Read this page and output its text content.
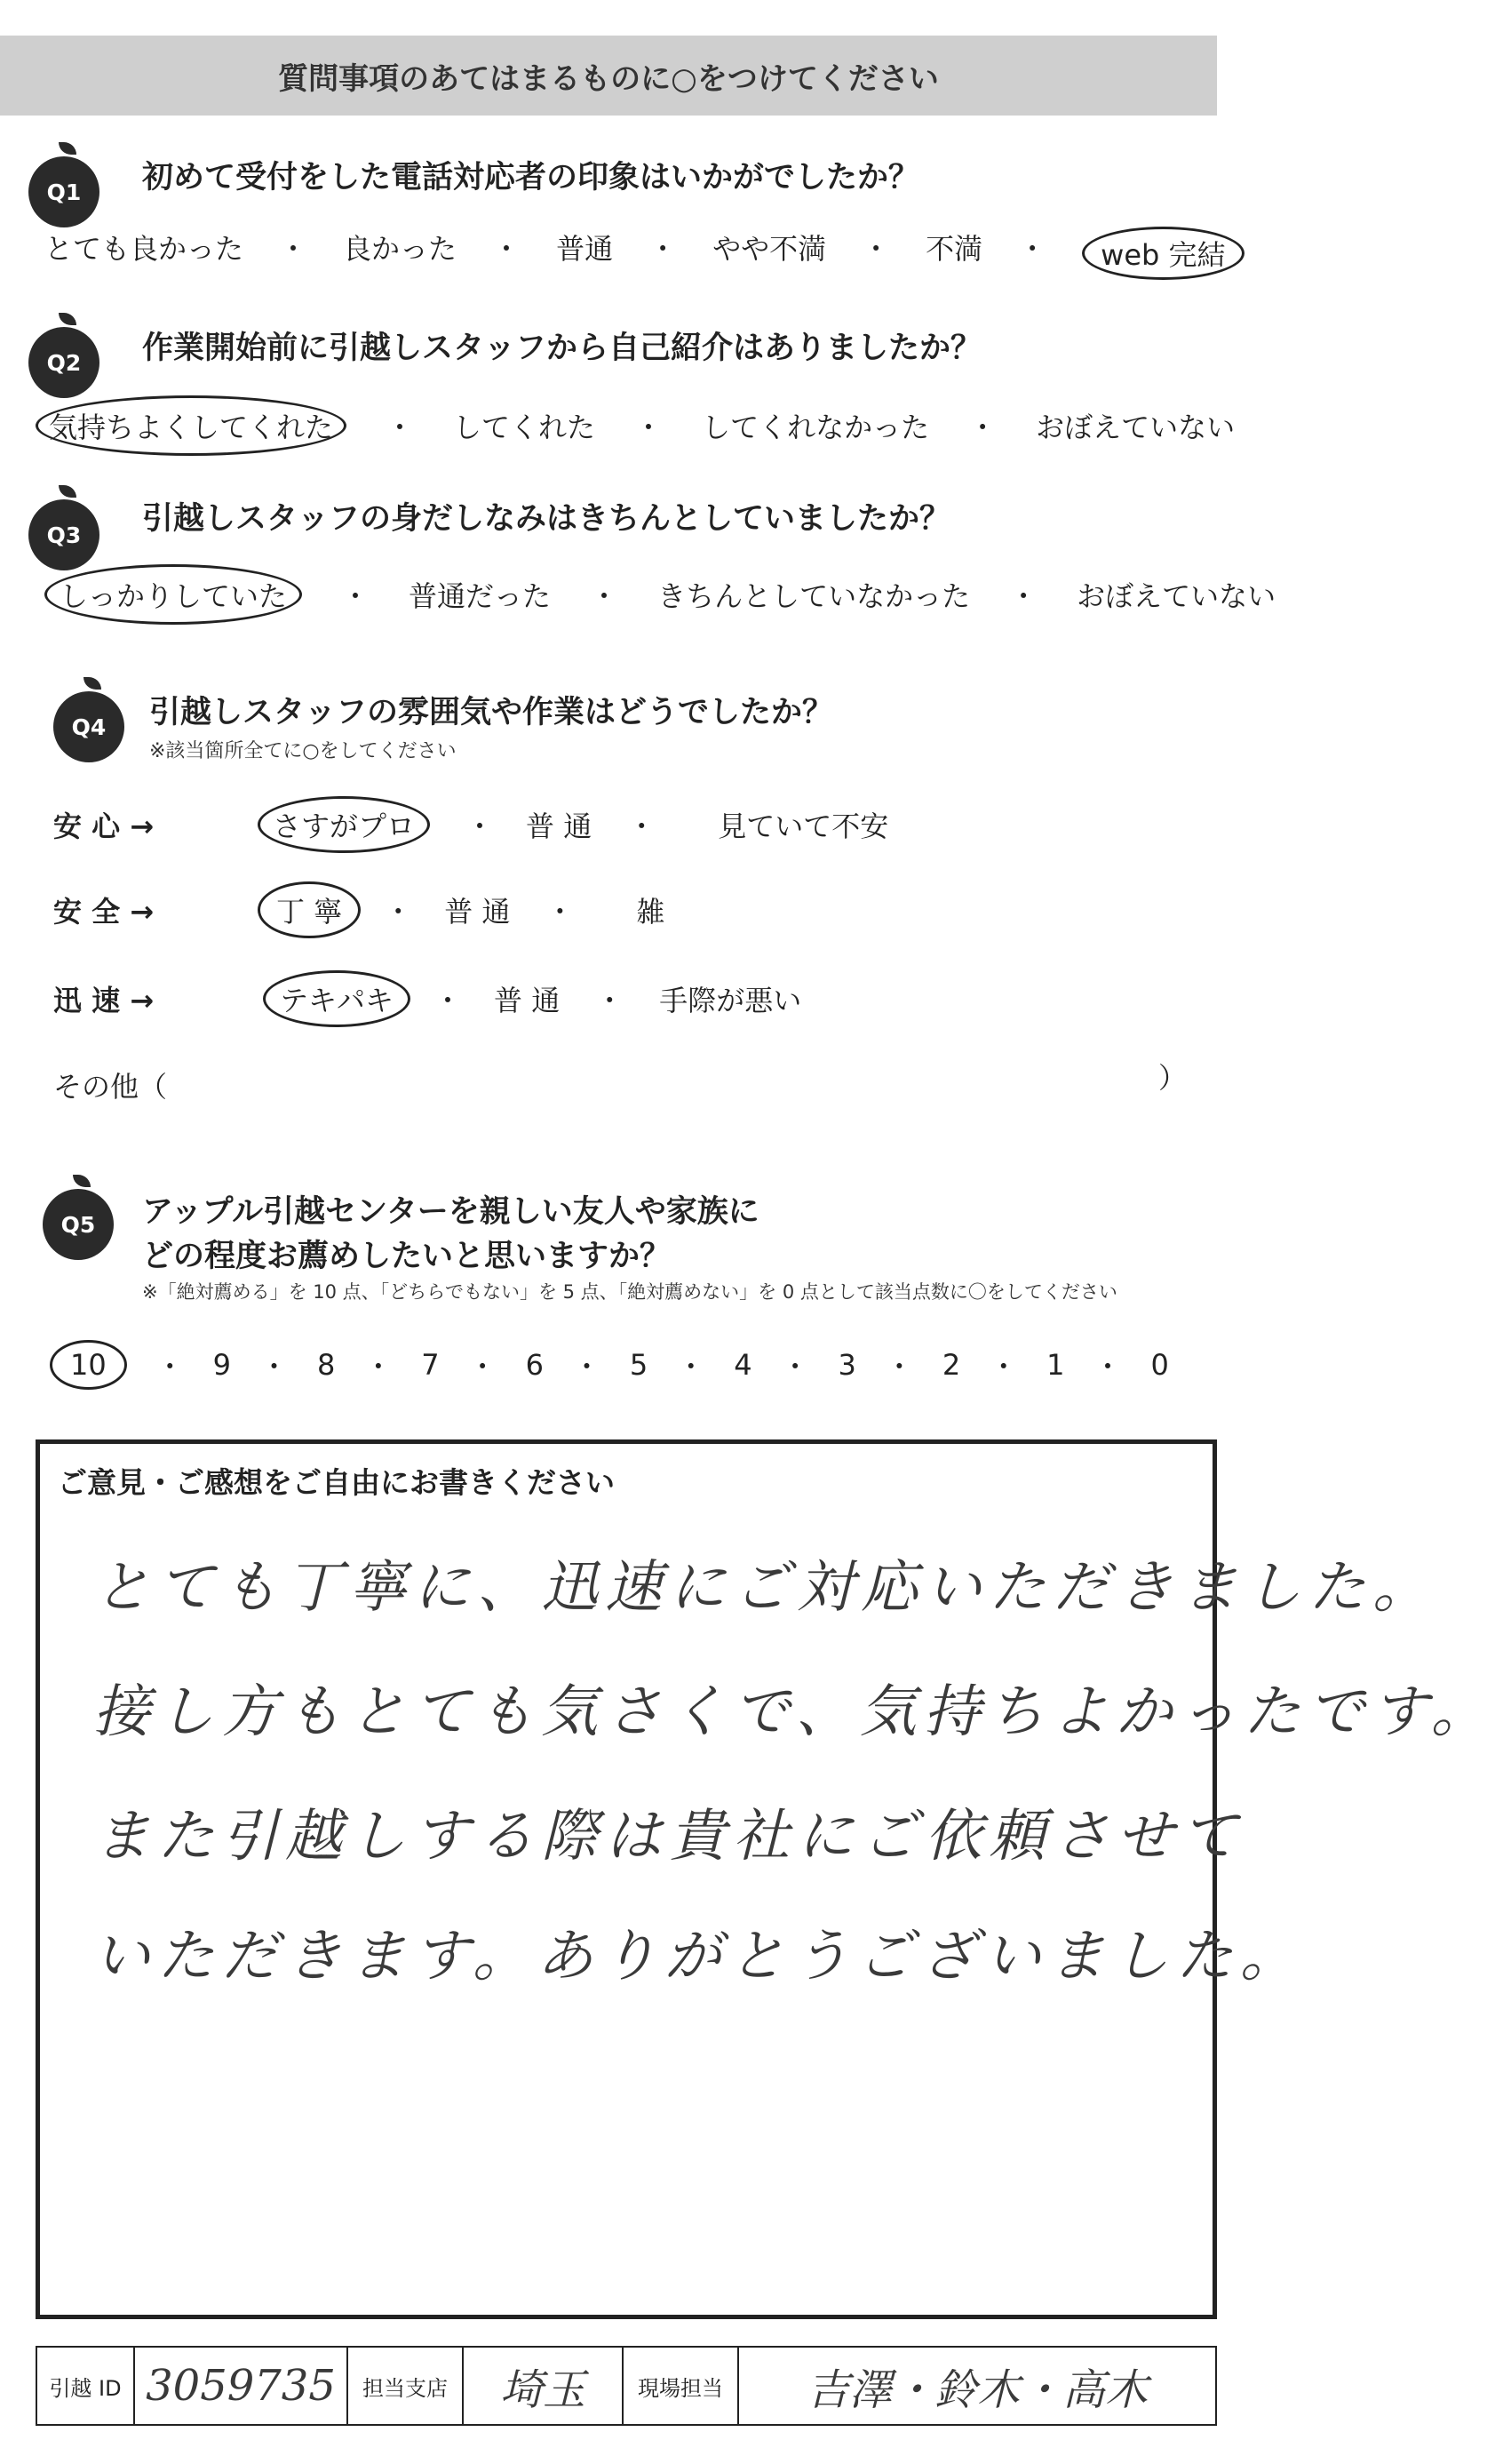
質問事項のあてはまるものに○をつけてください
Q1	初めて受付をした電話対応者の印象はいかがでしたか？
とても良かった ・ 良かった ・ 普通 ・ やや不満 ・ 不満 ・	web 完結
Q2	作業開始前に引越しスタッフから自己紹介はありましたか？
気持ちよくしてくれた	・ してくれた ・ してくれなかった ・ おぼえていない
Q3	引越しスタッフの身だしなみはきちんとしていましたか？
しっかりしていた	・ 普通だった ・ きちんとしていなかった ・ おぼえていない
Q4	引越しスタッフの雰囲気や作業はどうでしたか？
※該当箇所全てに○をしてください
安 心 →	さすがプロ	・ 普 通 ・ 見ていて不安
安 全 →	丁 寧	・ 普 通 ・ 雑
迅 速 →	テキパキ	・ 普 通 ・ 手際が悪い
その他（	）
Q5	アップル引越センターを親しい友人や家族に
どの程度お薦めしたいと思いますか？
※「絶対薦める」を 10 点、「どちらでもない」を 5 点、「絶対薦めない」を 0 点として該当点数に〇をしてください
10	・ 9 ・ 8 ・ 7 ・ 6 ・ 5 ・ 4 ・ 3 ・ 2 ・ 1 ・ 0
ご意見・ご感想をご自由にお書きください
とても丁寧に、迅速にご対応いただきました。
接し方もとても気さくで、気持ちよかったです。
また引越しする際は貴社にご依頼させて
いただきます。ありがとうございました。
引越 ID 3059735 担当支店 埼玉 現場担当 吉澤・鈴木・高木
